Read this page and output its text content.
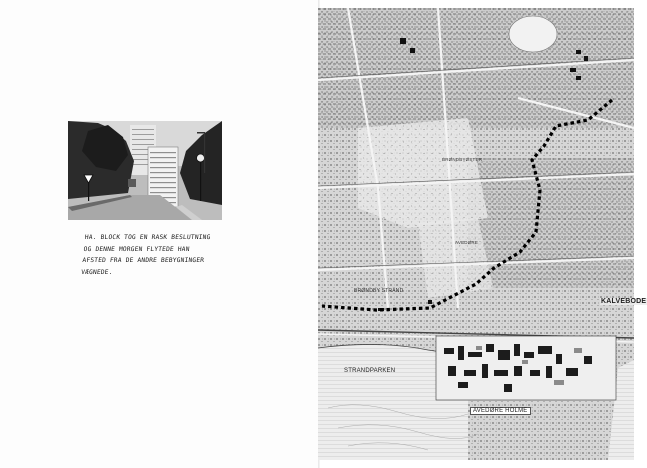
HA. BLOCK TOG EN RASK BESLUTNING
OG DENNE MORGEN FLYTEDE HAN
AFSTED FRA DE ANDRE BEBYGNINGER
VÆGNEDE.
KALVEBODE
STRANDPARKEN
AVEDØRE HOLME
BRØNDBY STRAND
BRØNDBYØSTER
AVEDØRE
